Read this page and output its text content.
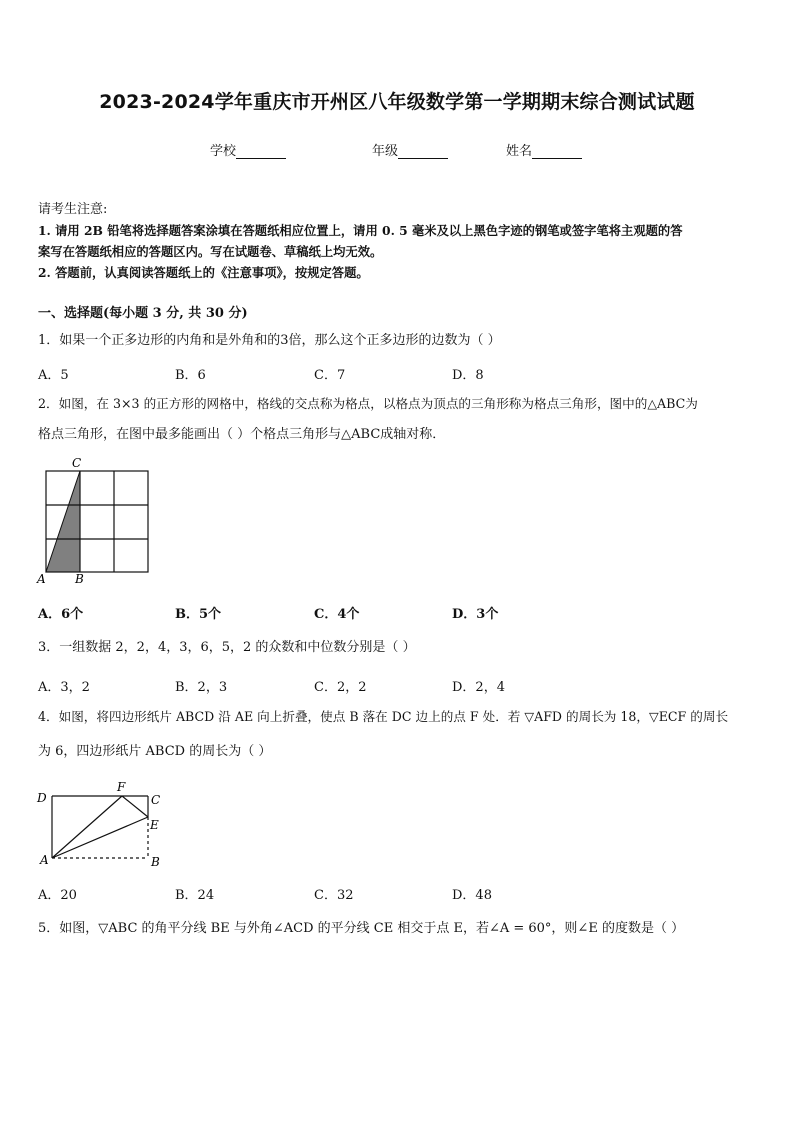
2023-2024学年重庆市开州区八年级数学第一学期期末综合测试试题
学校	年级	姓名
请考生注意:
1. 请用 2B 铅笔将选择题答案涂填在答题纸相应位置上，请用 0. 5 毫米及以上黑色字迹的钢笔或签字笔将主观题的答
案写在答题纸相应的答题区内。写在试题卷、草稿纸上均无效。
2. 答题前，认真阅读答题纸上的《注意事项》，按规定答题。
一、选择题(每小题 3 分, 共 30 分)
1．如果一个正多边形的内角和是外角和的3倍，那么这个正多边形的边数为（ ）
A．5	B．6	C．7	D．8
2．如图，在 3×3 的正方形的网格中，格线的交点称为格点，以格点为顶点的三角形称为格点三角形，图中的△ABC为
格点三角形，在图中最多能画出（ ）个格点三角形与△ABC成轴对称．
A B
C
A．6个	B．5个	C．4个	D．3个
3．一组数据 2，2，4，3，6，5，2 的众数和中位数分别是（ ）
A．3，2	B．2，3	C．2，2	D．2，4
4．如图，将四边形纸片 ABCD 沿 AE 向上折叠，使点 B 落在 DC 边上的点 F 处．若 ▽AFD 的周长为 18，▽ECF 的周长
为 6，四边形纸片 ABCD 的周长为（ ）
D
F
C
E
A	B
A．20	B．24	C．32	D．48
5．如图，▽ABC 的角平分线 BE 与外角∠ACD 的平分线 CE 相交于点 E，若∠A = 60°，则∠E 的度数是（ ）
